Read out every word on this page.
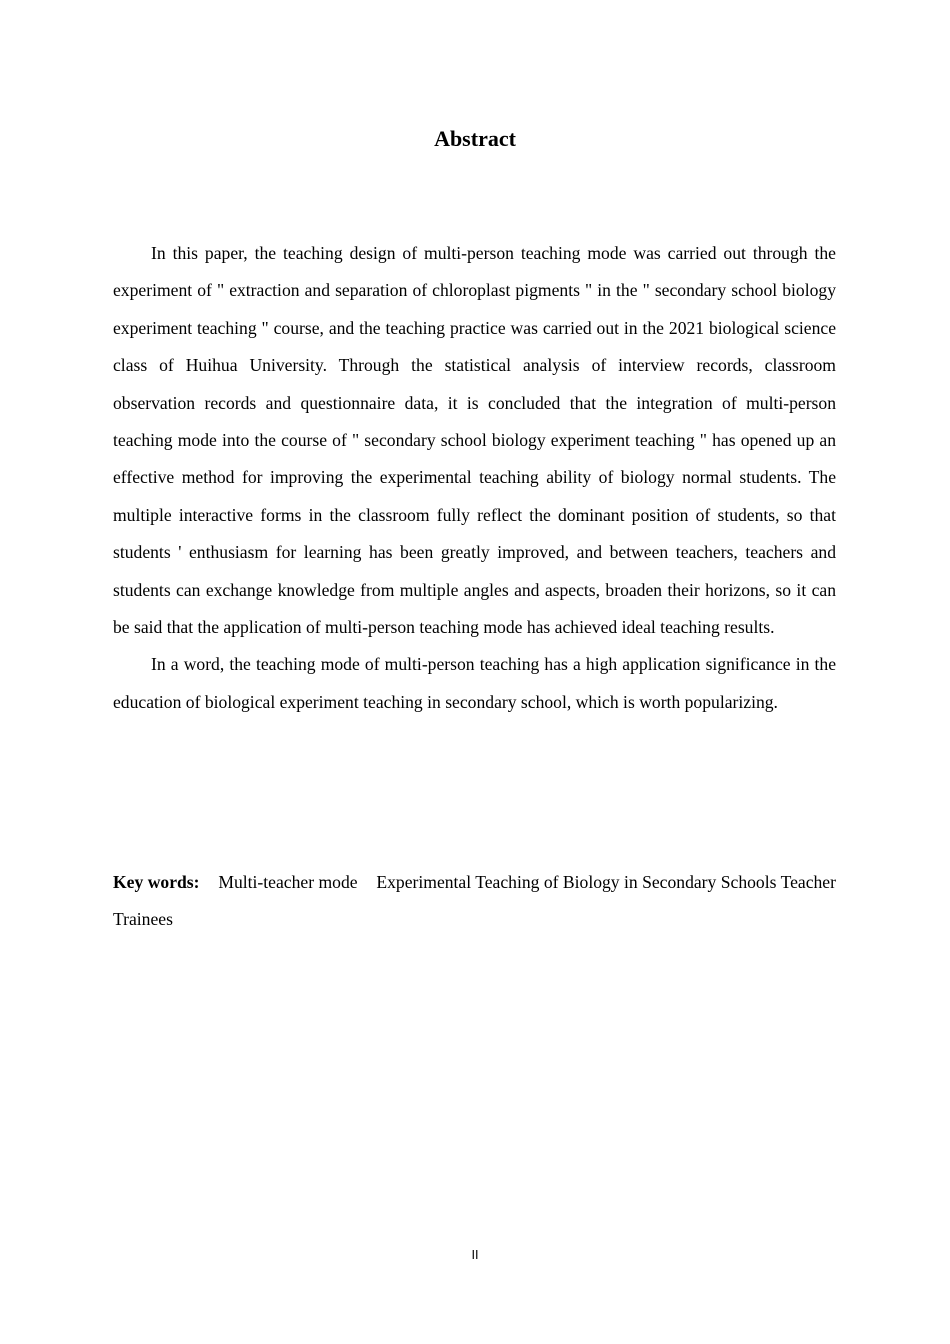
Abstract

In this paper, the teaching design of multi-person teaching mode was carried out through the experiment of " extraction and separation of chloroplast pigments " in the " secondary school biology experiment teaching " course, and the teaching practice was carried out in the 2021 biological science class of Huihua University. Through the statistical analysis of interview records, classroom observation records and questionnaire data, it is concluded that the integration of multi-person teaching mode into the course of " secondary school biology experiment teaching " has opened up an effective method for improving the experimental teaching ability of biology normal students. The multiple interactive forms in the classroom fully reflect the dominant position of students, so that students ' enthusiasm for learning has been greatly improved, and between teachers, teachers and students can exchange knowledge from multiple angles and aspects, broaden their horizons, so it can be said that the application of multi-person teaching mode has achieved ideal teaching results.

In a word, the teaching mode of multi-person teaching has a high application significance in the education of biological experiment teaching in secondary school, which is worth popularizing.

Key words: Multi-teacher mode Experimental Teaching of Biology in Secondary Schools Teacher Trainees

II
